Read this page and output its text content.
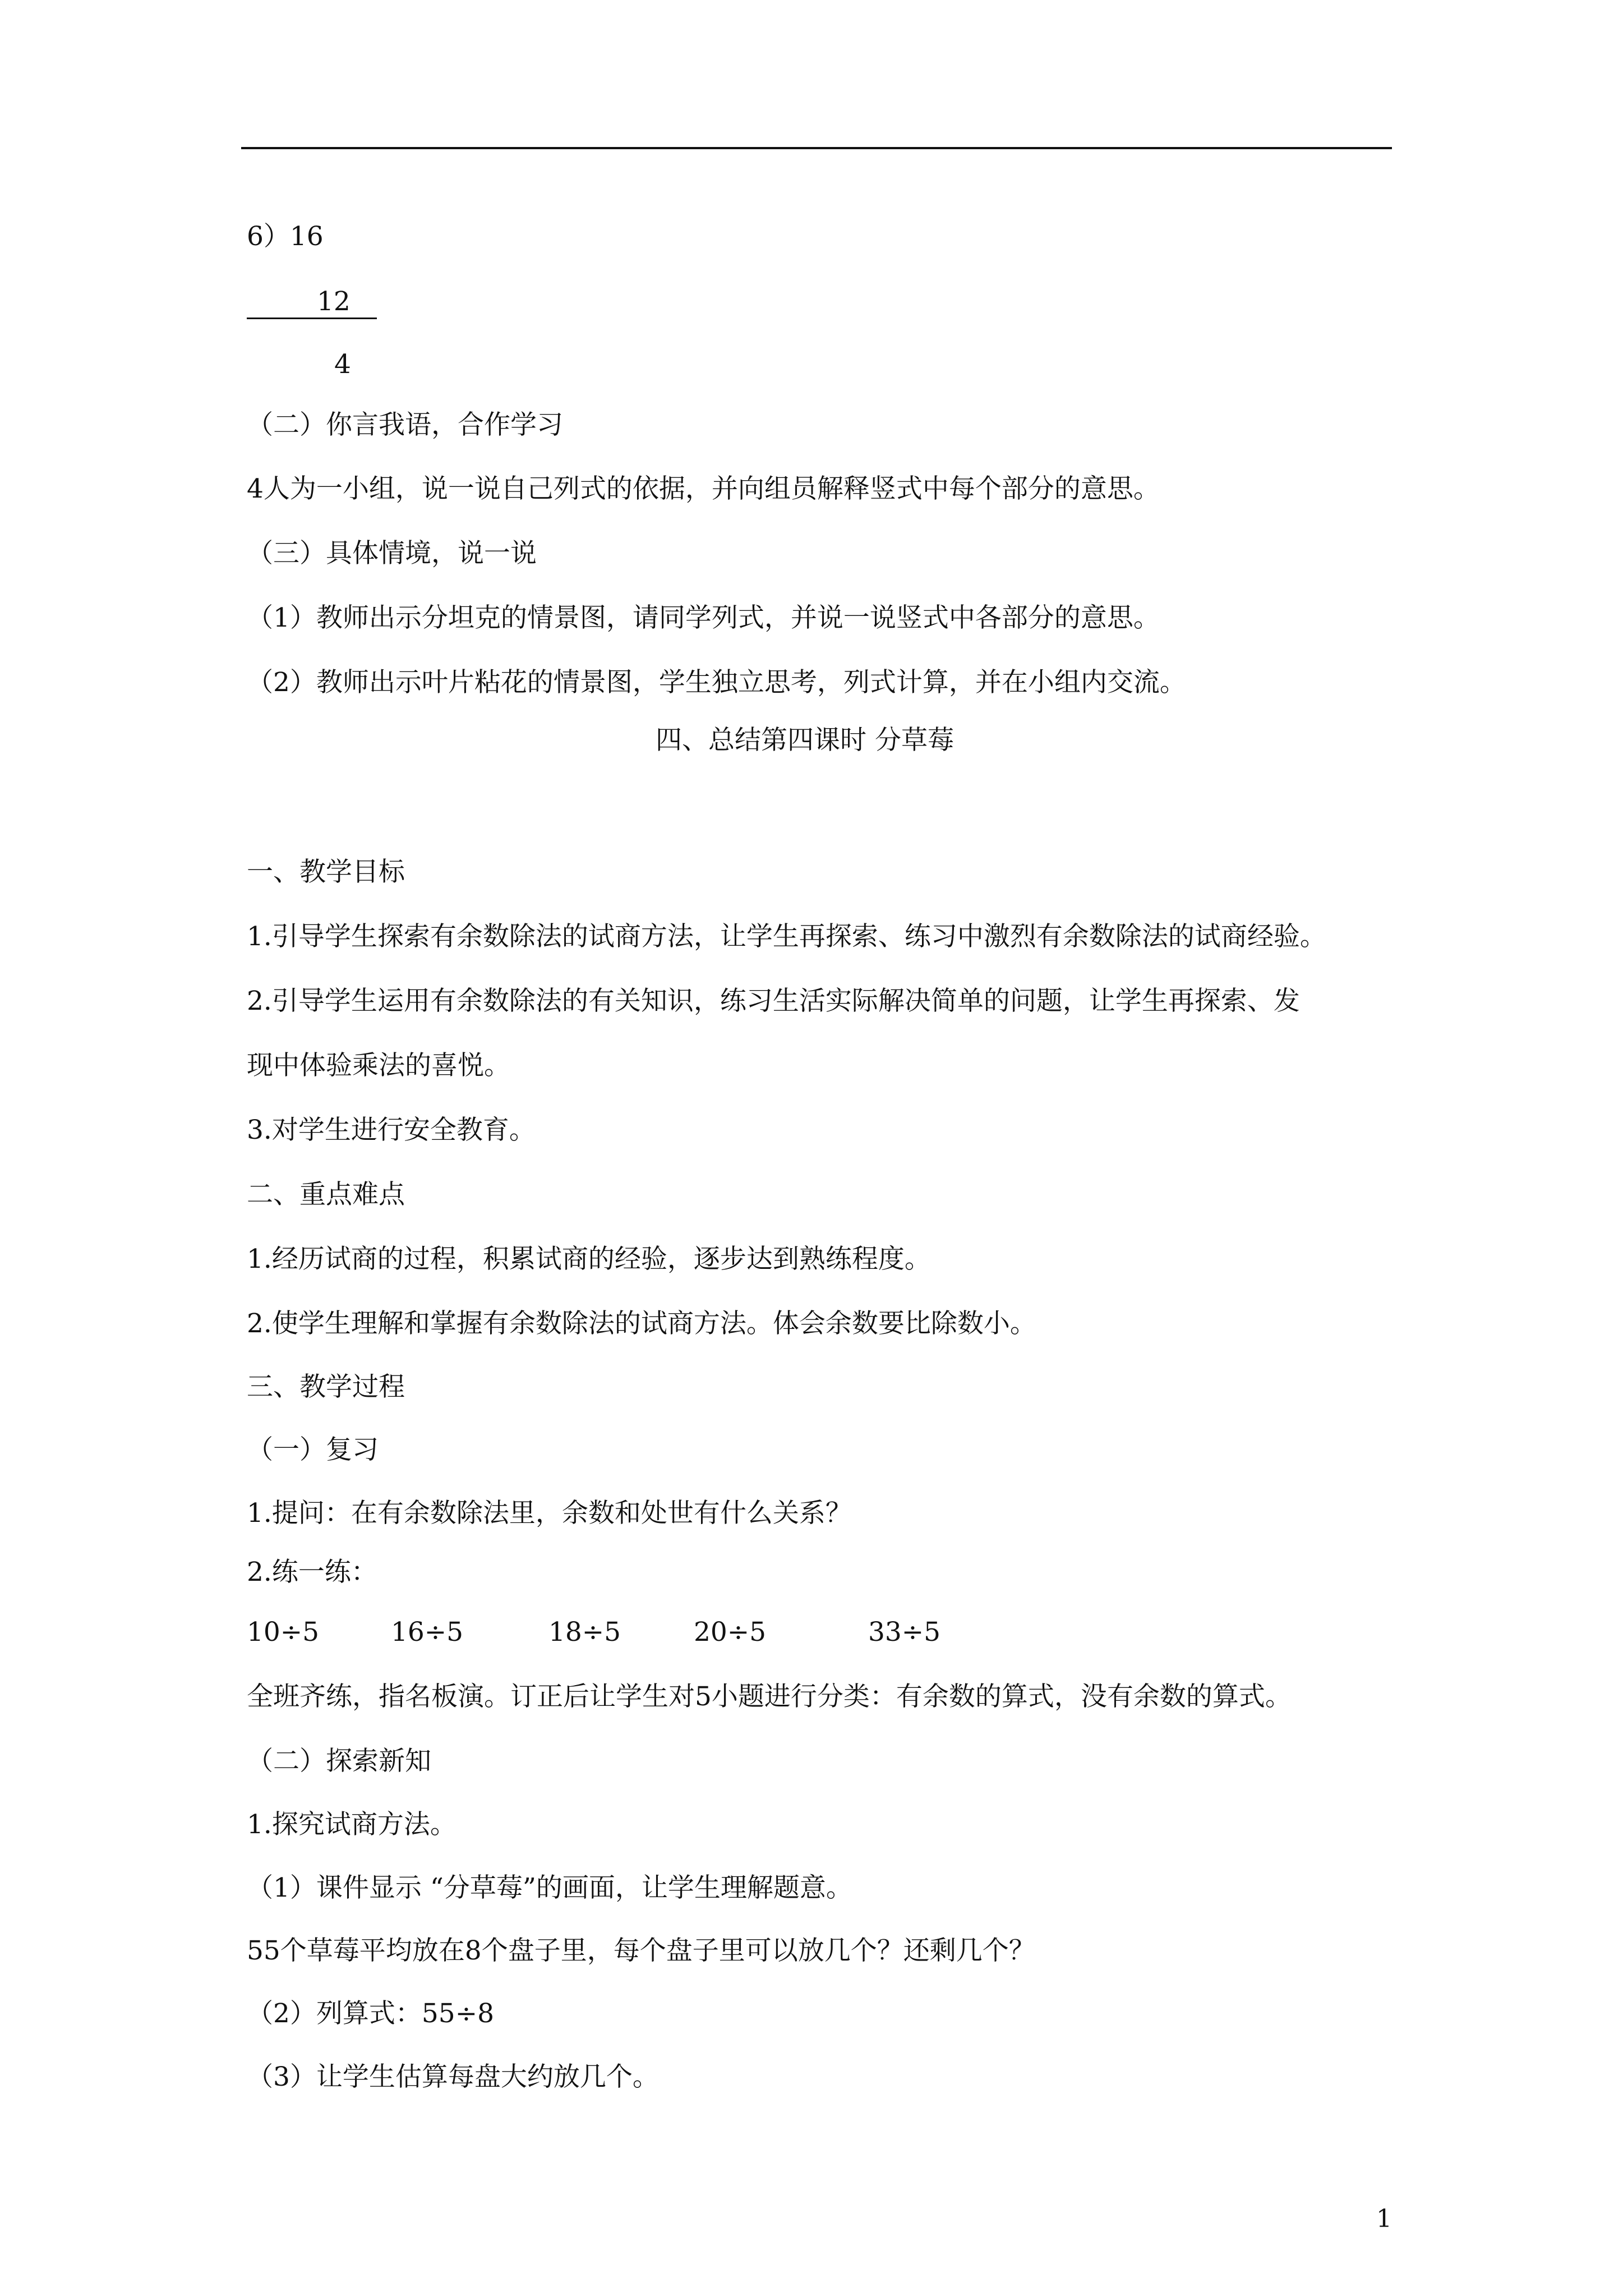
6）16
12
4
（二）你言我语，合作学习
4人为一小组，说一说自己列式的依据，并向组员解释竖式中每个部分的意思。
（三）具体情境，说一说
（1）教师出示分坦克的情景图，请同学列式，并说一说竖式中各部分的意思。
（2）教师出示叶片粘花的情景图，学生独立思考，列式计算，并在小组内交流。
四、总结第四课时 分草莓
一、教学目标
1.引导学生探索有余数除法的试商方法，让学生再探索、练习中激烈有余数除法的试商经验。
2.引导学生运用有余数除法的有关知识，练习生活实际解决简单的问题，让学生再探索、发
现中体验乘法的喜悦。
3.对学生进行安全教育。
二、重点难点
1.经历试商的过程，积累试商的经验，逐步达到熟练程度。
2.使学生理解和掌握有余数除法的试商方法。体会余数要比除数小。
三、教学过程
（一）复习
1.提问：在有余数除法里，余数和处世有什么关系？
2.练一练：
10÷5	16÷5	18÷5	20÷5	33÷5
全班齐练，指名板演。订正后让学生对5小题进行分类：有余数的算式，没有余数的算式。
（二）探索新知
1.探究试商方法。
（1）课件显示 “分草莓”的画面，让学生理解题意。
55个草莓平均放在8个盘子里，每个盘子里可以放几个？还剩几个？
（2）列算式：55÷8
（3）让学生估算每盘大约放几个。
1
